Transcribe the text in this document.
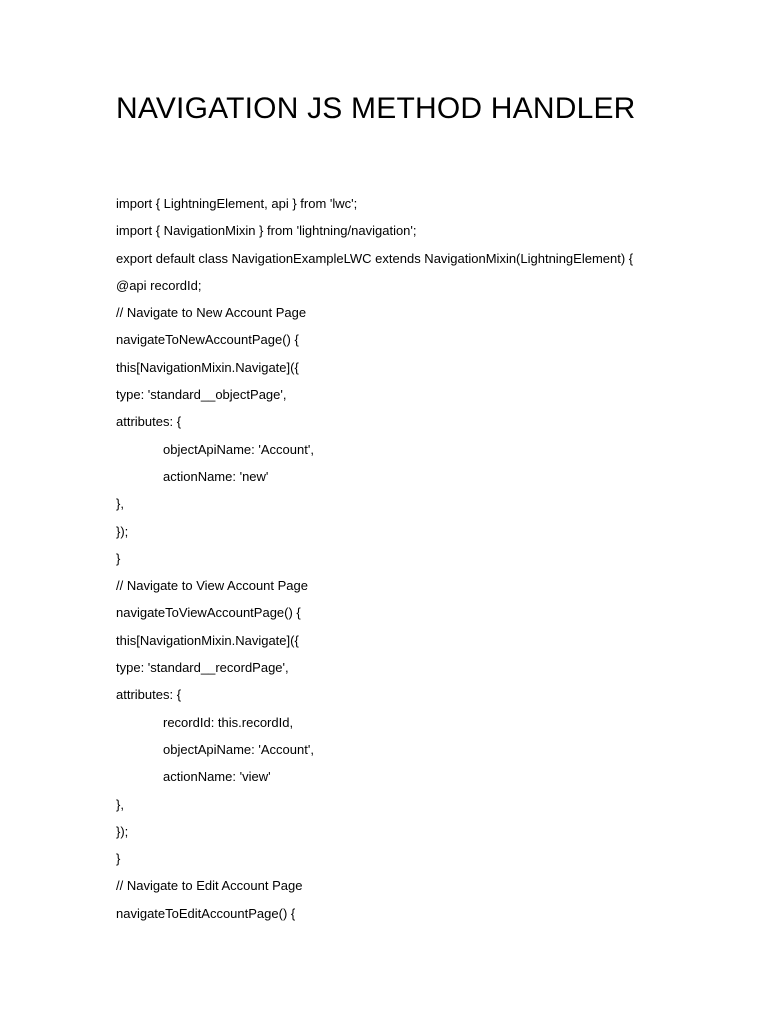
NAVIGATION JS METHOD HANDLER
import { LightningElement, api } from 'lwc';
import { NavigationMixin } from 'lightning/navigation';
export default class NavigationExampleLWC extends NavigationMixin(LightningElement) {
@api recordId;
// Navigate to New Account Page
navigateToNewAccountPage() {
this[NavigationMixin.Navigate]({
type: 'standard__objectPage',
attributes: {
objectApiName: 'Account',
actionName: 'new'
},
});
}
// Navigate to View Account Page
navigateToViewAccountPage() {
this[NavigationMixin.Navigate]({
type: 'standard__recordPage',
attributes: {
recordId: this.recordId,
objectApiName: 'Account',
actionName: 'view'
},
});
}
// Navigate to Edit Account Page
navigateToEditAccountPage() {
